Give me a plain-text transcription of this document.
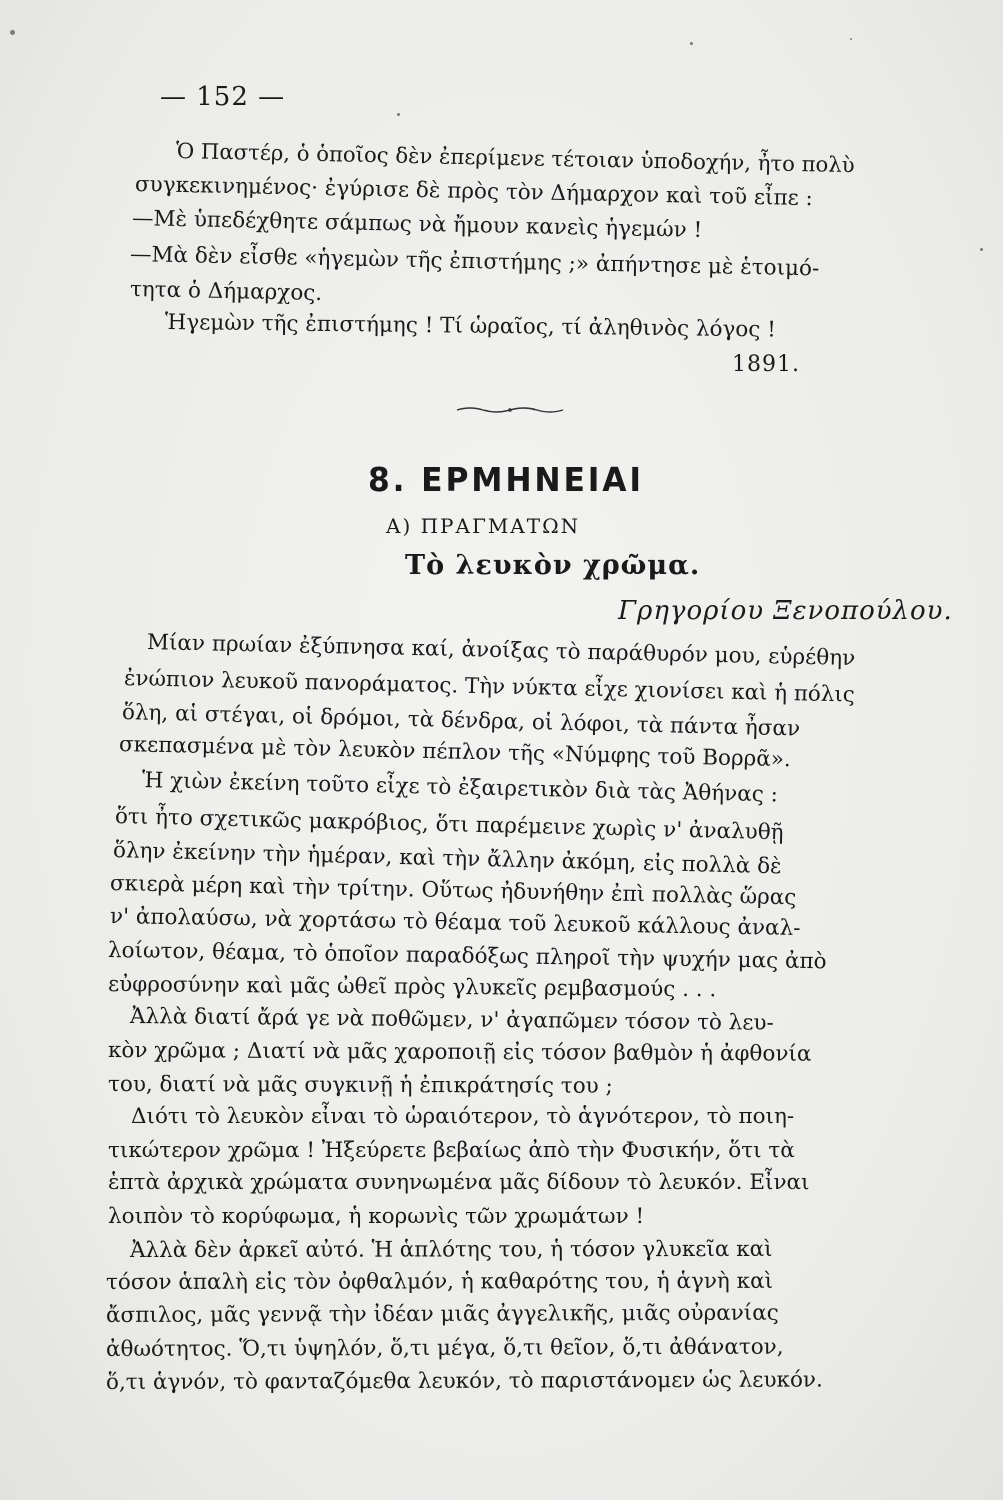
— 152 —
Ὁ Παστέρ, ὁ ὁποῖος δὲν ἐπερίμενε τέτοιαν ὑποδοχήν, ἦτο πολὺ
συγκεκινημένος· ἐγύρισε δὲ πρὸς τὸν Δήμαρχον καὶ τοῦ εἶπε :
—Μὲ ὑπεδέχθητε σάμπως νὰ ἤμουν κανεὶς ἡγεμών !
—Μὰ δὲν εἶσθε «ἡγεμὼν τῆς ἐπιστήμης ;» ἀπήντησε μὲ ἑτοιμό-
τητα ὁ Δήμαρχος.
Ἡγεμὼν τῆς ἐπιστήμης ! Τί ὡραῖος, τί ἀληθινὸς λόγος !
1891.
8. ΕΡΜΗΝΕΙΑΙ
Α) ΠΡΑΓΜΑΤΩΝ
Τὸ λευκὸν χρῶμα.
Γρηγορίου Ξενοπούλου.
Μίαν πρωίαν ἐξύπνησα καί, ἀνοίξας τὸ παράθυρόν μου, εὑρέθην
ἐνώπιον λευκοῦ πανοράματος. Τὴν νύκτα εἶχε χιονίσει καὶ ἡ πόλις
ὅλη, αἱ στέγαι, οἱ δρόμοι, τὰ δένδρα, οἱ λόφοι, τὰ πάντα ἦσαν
σκεπασμένα μὲ τὸν λευκὸν πέπλον τῆς «Νύμφης τοῦ Βορρᾶ».
Ἡ χιὼν ἐκείνη τοῦτο εἶχε τὸ ἐξαιρετικὸν διὰ τὰς Ἀθήνας :
ὅτι ἦτο σχετικῶς μακρόβιος, ὅτι παρέμεινε χωρὶς ν' ἀναλυθῇ
ὅλην ἐκείνην τὴν ἡμέραν, καὶ τὴν ἄλλην ἀκόμη, εἰς πολλὰ δὲ
σκιερὰ μέρη καὶ τὴν τρίτην. Οὕτως ἠδυνήθην ἐπὶ πολλὰς ὥρας
ν' ἀπολαύσω, νὰ χορτάσω τὸ θέαμα τοῦ λευκοῦ κάλλους ἀναλ-
λοίωτον, θέαμα, τὸ ὁποῖον παραδόξως πληροῖ τὴν ψυχήν μας ἀπὸ
εὐφροσύνην καὶ μᾶς ὠθεῖ πρὸς γλυκεῖς ρεμβασμούς . . .
Ἀλλὰ διατί ἄρά γε νὰ ποθῶμεν, ν' ἀγαπῶμεν τόσον τὸ λευ-
κὸν χρῶμα ; Διατί νὰ μᾶς χαροποιῇ εἰς τόσον βαθμὸν ἡ ἀφθονία
του, διατί νὰ μᾶς συγκινῇ ἡ ἐπικράτησίς του ;
Διότι τὸ λευκὸν εἶναι τὸ ὡραιότερον, τὸ ἁγνότερον, τὸ ποιη-
τικώτερον χρῶμα ! Ἠξεύρετε βεβαίως ἀπὸ τὴν Φυσικήν, ὅτι τὰ
ἑπτὰ ἀρχικὰ χρώματα συνηνωμένα μᾶς δίδουν τὸ λευκόν. Εἶναι
λοιπὸν τὸ κορύφωμα, ἡ κορωνὶς τῶν χρωμάτων !
Ἀλλὰ δὲν ἀρκεῖ αὐτό. Ἡ ἁπλότης του, ἡ τόσον γλυκεῖα καὶ
τόσον ἁπαλὴ εἰς τὸν ὀφθαλμόν, ἡ καθαρότης του, ἡ ἁγνὴ καὶ
ἄσπιλος, μᾶς γεννᾷ τὴν ἰδέαν μιᾶς ἀγγελικῆς, μιᾶς οὐρανίας
ἀθωότητος. Ὅ,τι ὑψηλόν, ὅ,τι μέγα, ὅ,τι θεῖον, ὅ,τι ἀθάνατον,
ὅ,τι ἁγνόν, τὸ φανταζόμεθα λευκόν, τὸ παριστάνομεν ὡς λευκόν.
